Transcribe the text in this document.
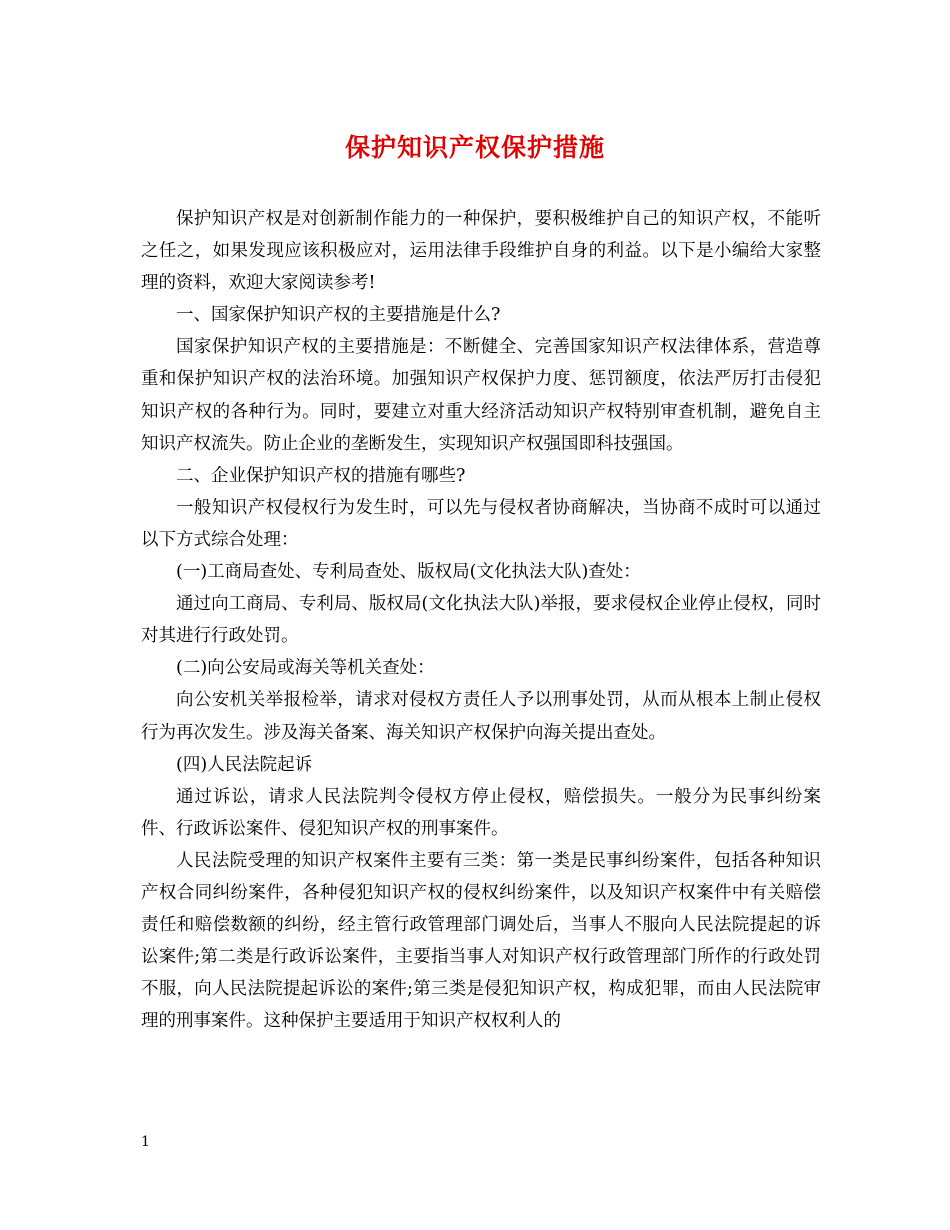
保护知识产权保护措施

保护知识产权是对创新制作能力的一种保护，要积极维护自己的知识产权，不能听之任之，如果发现应该积极应对，运用法律手段维护自身的利益。以下是小编给大家整理的资料，欢迎大家阅读参考!

一、国家保护知识产权的主要措施是什么?

国家保护知识产权的主要措施是：不断健全、完善国家知识产权法律体系，营造尊重和保护知识产权的法治环境。加强知识产权保护力度、惩罚额度，依法严厉打击侵犯知识产权的各种行为。同时，要建立对重大经济活动知识产权特别审查机制，避免自主知识产权流失。防止企业的垄断发生，实现知识产权强国即科技强国。

二、企业保护知识产权的措施有哪些?

一般知识产权侵权行为发生时，可以先与侵权者协商解决，当协商不成时可以通过以下方式综合处理：

(一)工商局查处、专利局查处、版权局(文化执法大队)查处：

通过向工商局、专利局、版权局(文化执法大队)举报，要求侵权企业停止侵权，同时对其进行行政处罚。

(二)向公安局或海关等机关查处：

向公安机关举报检举，请求对侵权方责任人予以刑事处罚，从而从根本上制止侵权行为再次发生。涉及海关备案、海关知识产权保护向海关提出查处。

(四)人民法院起诉

通过诉讼，请求人民法院判令侵权方停止侵权，赔偿损失。一般分为民事纠纷案件、行政诉讼案件、侵犯知识产权的刑事案件。

人民法院受理的知识产权案件主要有三类：第一类是民事纠纷案件，包括各种知识产权合同纠纷案件，各种侵犯知识产权的侵权纠纷案件，以及知识产权案件中有关赔偿责任和赔偿数额的纠纷，经主管行政管理部门调处后，当事人不服向人民法院提起的诉讼案件;第二类是行政诉讼案件，主要指当事人对知识产权行政管理部门所作的行政处罚不服，向人民法院提起诉讼的案件;第三类是侵犯知识产权，构成犯罪，而由人民法院审理的刑事案件。这种保护主要适用于知识产权权利人的

1
